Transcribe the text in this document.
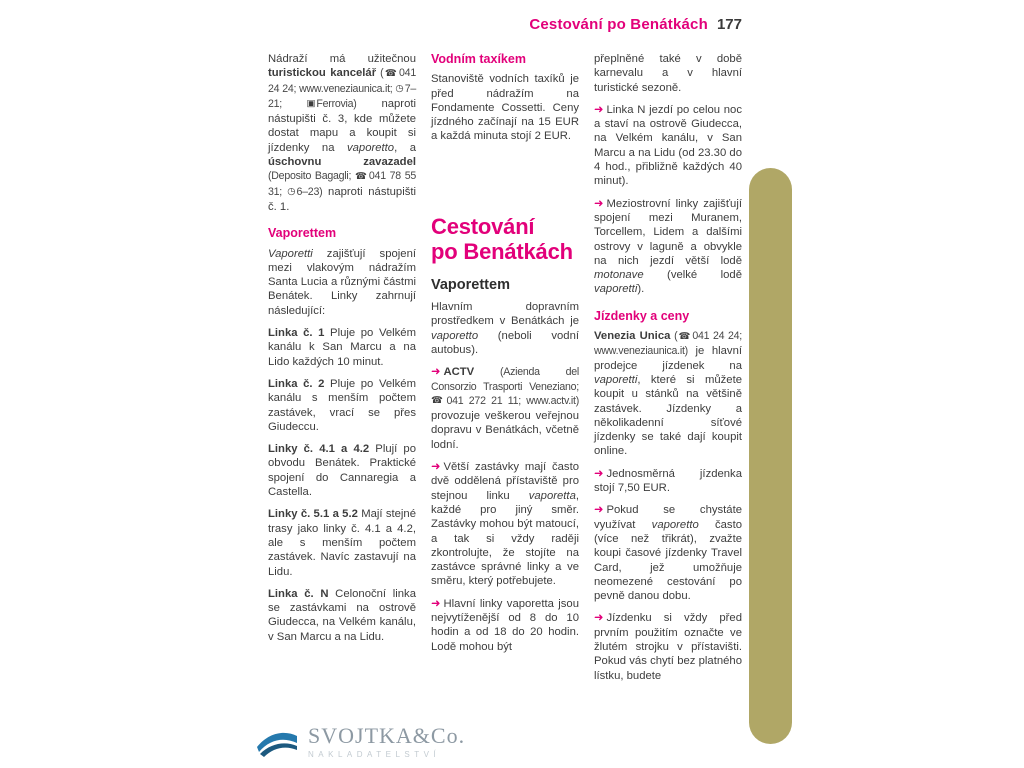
Cestování po Benátkách 177

Nádraží má užitečnou turistickou kancelář (☎041 24 24; www.veneziaunica.it; ◷7–21; ▣Ferrovia) naproti nástupišti č. 3, kde můžete dostat mapu a koupit si jízdenky na vaporetto, a úschovnu zavazadel (Deposito Bagagli; ☎041 78 55 31; ◷6–23) naproti nástupišti č. 1.

Vaporettem

Vaporetti zajišťují spojení mezi vlakovým nádražím Santa Lucia a různými částmi Benátek. Linky zahrnují následující:

Linka č. 1 Pluje po Velkém kanálu k San Marcu a na Lido každých 10 minut.

Linka č. 2 Pluje po Velkém kanálu s menším počtem zastávek, vrací se přes Giudeccu.

Linky č. 4.1 a 4.2 Plují po obvodu Benátek. Praktické spojení do Cannaregia a Castella.

Linky č. 5.1 a 5.2 Mají stejné trasy jako linky č. 4.1 a 4.2, ale s menším počtem zastávek. Navíc zastavují na Lidu.

Linka č. N Celonoční linka se zastávkami na ostrově Giudecca, na Velkém kanálu, v San Marcu a na Lidu.

Vodním taxíkem

Stanoviště vodních taxíků je před nádražím na Fondamente Cossetti. Ceny jízdného začínají na 15 EUR a každá minuta stojí 2 EUR.

Cestování
po Benátkách
Vaporettem

Hlavním dopravním prostředkem v Benátkách je vaporetto (neboli vodní autobus).

➜ ACTV (Azienda del Consorzio Trasporti Veneziano; ☎041 272 21 11; www.actv.it) provozuje veškerou veřejnou dopravu v Benátkách, včetně lodní.

➜ Větší zastávky mají často dvě oddělená přístaviště pro stejnou linku vaporetta, každé pro jiný směr. Zastávky mohou být matoucí, a tak si vždy raději zkontrolujte, že stojíte na zastávce správné linky a ve směru, který potřebujete.

➜ Hlavní linky vaporetta jsou nejvytíženější od 8 do 10 hodin a od 18 do 20 hodin. Lodě mohou být

přeplněné také v době karnevalu a v hlavní turistické sezoně.

➜ Linka N jezdí po celou noc a staví na ostrově Giudecca, na Velkém kanálu, v San Marcu a na Lidu (od 23.30 do 4 hod., přibližně každých 40 minut).

➜ Meziostrovní linky zajišťují spojení mezi Muranem, Torcellem, Lidem a dalšími ostrovy v laguně a obvykle na nich jezdí větší lodě motonave (velké lodě vaporetti).

Jízdenky a ceny

Venezia Unica (☎041 24 24; www.veneziaunica.it) je hlavní prodejce jízdenek na vaporetti, které si můžete koupit u stánků na většině zastávek. Jízdenky a několikadenní síťové jízdenky se také dají koupit online.

➜ Jednosměrná jízdenka stojí 7,50 EUR.

➜ Pokud se chystáte využívat vaporetto často (více než třikrát), zvažte koupi časové jízdenky Travel Card, jež umožňuje neomezené cestování po pevně danou dobu.

➜ Jízdenku si vždy před prvním použitím označte ve žlutém strojku v přístavišti. Pokud vás chytí bez platného lístku, budete

SVOJTKA&Co.
NAKLADATELSTVÍ
